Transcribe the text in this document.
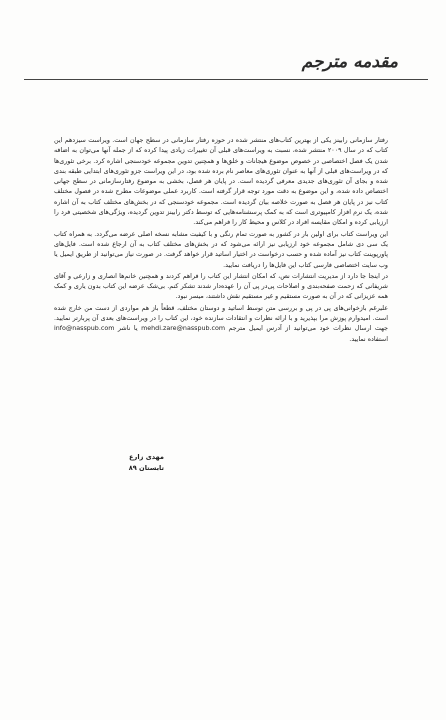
مقدمه مترجم

رفتار سازمانی رابینز یکی از بهترین کتاب‌های منتشر شده در حوزه رفتار سازمانی در سطح جهان است. ویراست سیزدهم این کتاب که در سال ۲۰۰۹ منتشر شده، نسبت به ویراست‌های قبلی آن تغییرات زیادی پیدا کرده که از جمله آنها می‌توان به اضافه شدن یک فصل اختصاصی در خصوص موضوع هیجانات و خلق‌ها و همچنین تدوین مجموعه خودسنجی اشاره کرد. برخی تئوری‌ها که در ویراست‌های قبلی از آنها به عنوان تئوری‌های معاصر نام برده شده بود، در این ویراست جزو تئوری‌های ابتدایی طبقه بندی شده و بجای آن تئوری‌های جدیدی معرفی گردیده است. در پایان هر فصل، بخشی به موضوع رفتارسازمانی در سطح جهانی اختصاص داده شده، و این موضوع به دقت مورد توجه قرار گرفته است. کاربرد عملی موضوعات مطرح شده در فصول مختلف کتاب نیز در پایان هر فصل به صورت خلاصه بیان گردیده است. مجموعه خودسنجی که در بخش‌های مختلف کتاب به آن اشاره شده، یک نرم افزار کامپیوتری است که به کمک پرسشنامه‌هایی که توسط دکتر رابینز تدوین گردیده، ویژگی‌های شخصیتی فرد را ارزیابی کرده و امکان مقایسه افراد در کلاس و محیط کار را فراهم می‌کند.

این ویراست کتاب برای اولین بار در کشور به صورت تمام رنگی و با کیفیت مشابه نسخه اصلی عرضه می‌گردد. به همراه کتاب یک سی دی شامل مجموعه خود ارزیابی نیز ارائه می‌شود که در بخش‌های مختلف کتاب به آن ارجاع شده است. فایل‌های پاورپوینت کتاب نیز آماده شده و حسب درخواست در اختیار اساتید قرار خواهد گرفت. در صورت نیاز می‌توانید از طریق ایمیل یا وب سایت اختصاصی فارسی کتاب این فایل‌ها را دریافت نمایید.

در اینجا جا دارد از مدیریت انتشارات نص، که امکان انتشار این کتاب را فراهم کردند و همچنین خانم‌ها انصاری و زارعی و آقای شریفانی که زحمت صفحه‌بندی و اصلاحات پی‌در پی آن را عهده‌دار شدند تشکر کنم. بی‌شک عرضه این کتاب بدون یاری و کمک همه عزیزانی که در آن به صورت مستقیم و غیر مستقیم نقش داشتند، میسر نبود.

علیرغم بازخوانی‌های پی در پی و بررسی متن توسط اساتید و دوستان مختلف، قطعاً باز هم مواردی از دست من خارج شده است. امیدوارم پوزش مرا بپذیرید و با ارائه نظرات و انتقادات سازنده خود، این کتاب را در ویراست‌های بعدی آن پربارتر نمایید. جهت ارسال نظرات خود می‌توانید از آدرس ایمیل مترجم mehdi.zare@nasspub.com یا ناشر info@nasspub.com استفاده نمایید.

مهدی زارع
تابستان ۸۹
